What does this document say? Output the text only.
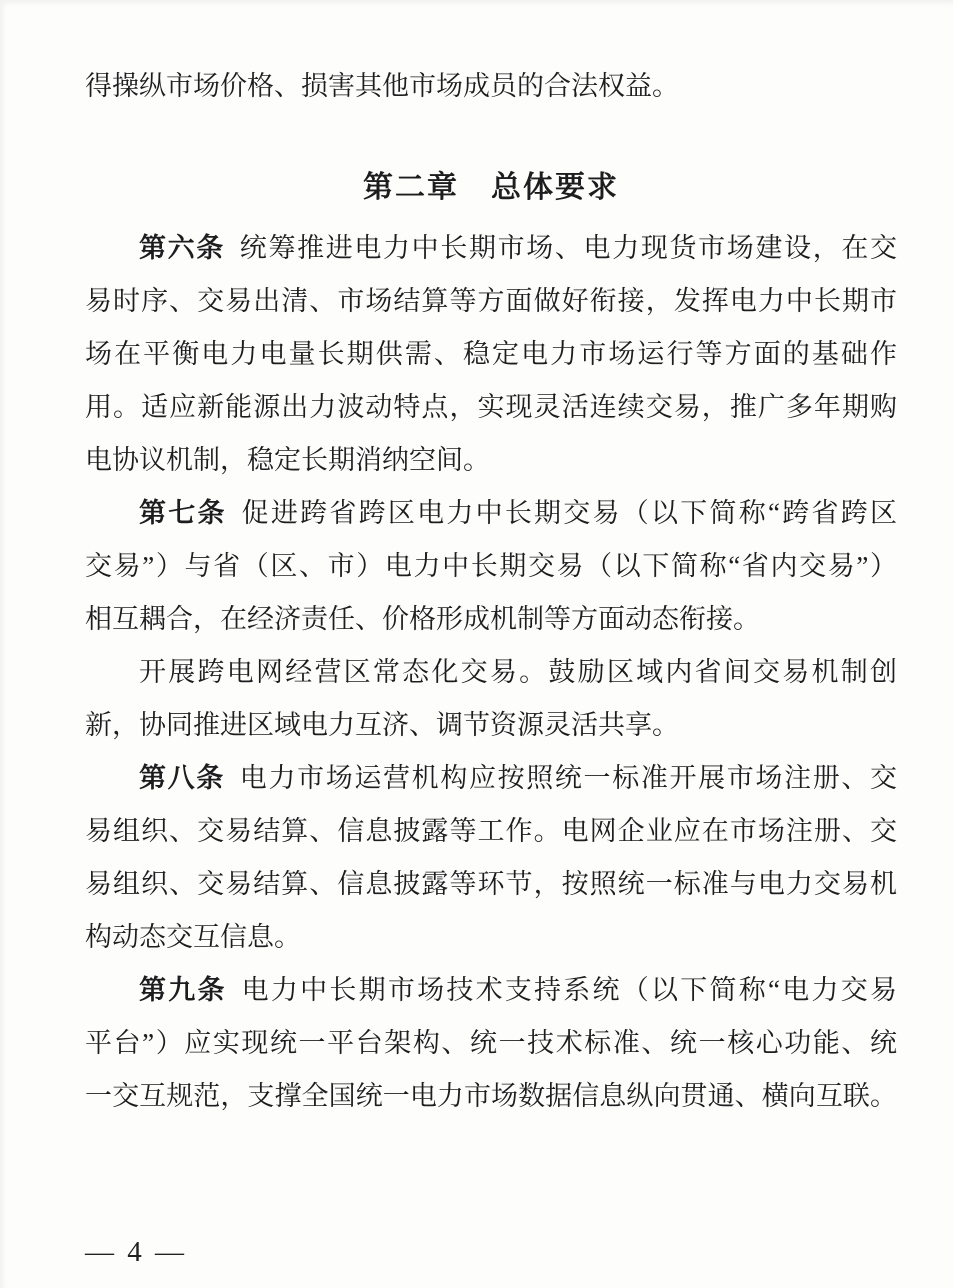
得操纵市场价格、损害其他市场成员的合法权益。
第二章　总体要求
第六条 统筹推进电力中长期市场、电力现货市场建设，在交
易时序、交易出清、市场结算等方面做好衔接，发挥电力中长期市
场在平衡电力电量长期供需、稳定电力市场运行等方面的基础作
用。适应新能源出力波动特点，实现灵活连续交易，推广多年期购
电协议机制，稳定长期消纳空间。
第七条 促进跨省跨区电力中长期交易（以下简称“跨省跨区
交易”）与省（区、市）电力中长期交易（以下简称“省内交易”）
相互耦合，在经济责任、价格形成机制等方面动态衔接。
开展跨电网经营区常态化交易。鼓励区域内省间交易机制创
新，协同推进区域电力互济、调节资源灵活共享。
第八条 电力市场运营机构应按照统一标准开展市场注册、交
易组织、交易结算、信息披露等工作。电网企业应在市场注册、交
易组织、交易结算、信息披露等环节，按照统一标准与电力交易机
构动态交互信息。
第九条 电力中长期市场技术支持系统（以下简称“电力交易
平台”）应实现统一平台架构、统一技术标准、统一核心功能、统
一交互规范，支撑全国统一电力市场数据信息纵向贯通、横向互联。
— 4 —
